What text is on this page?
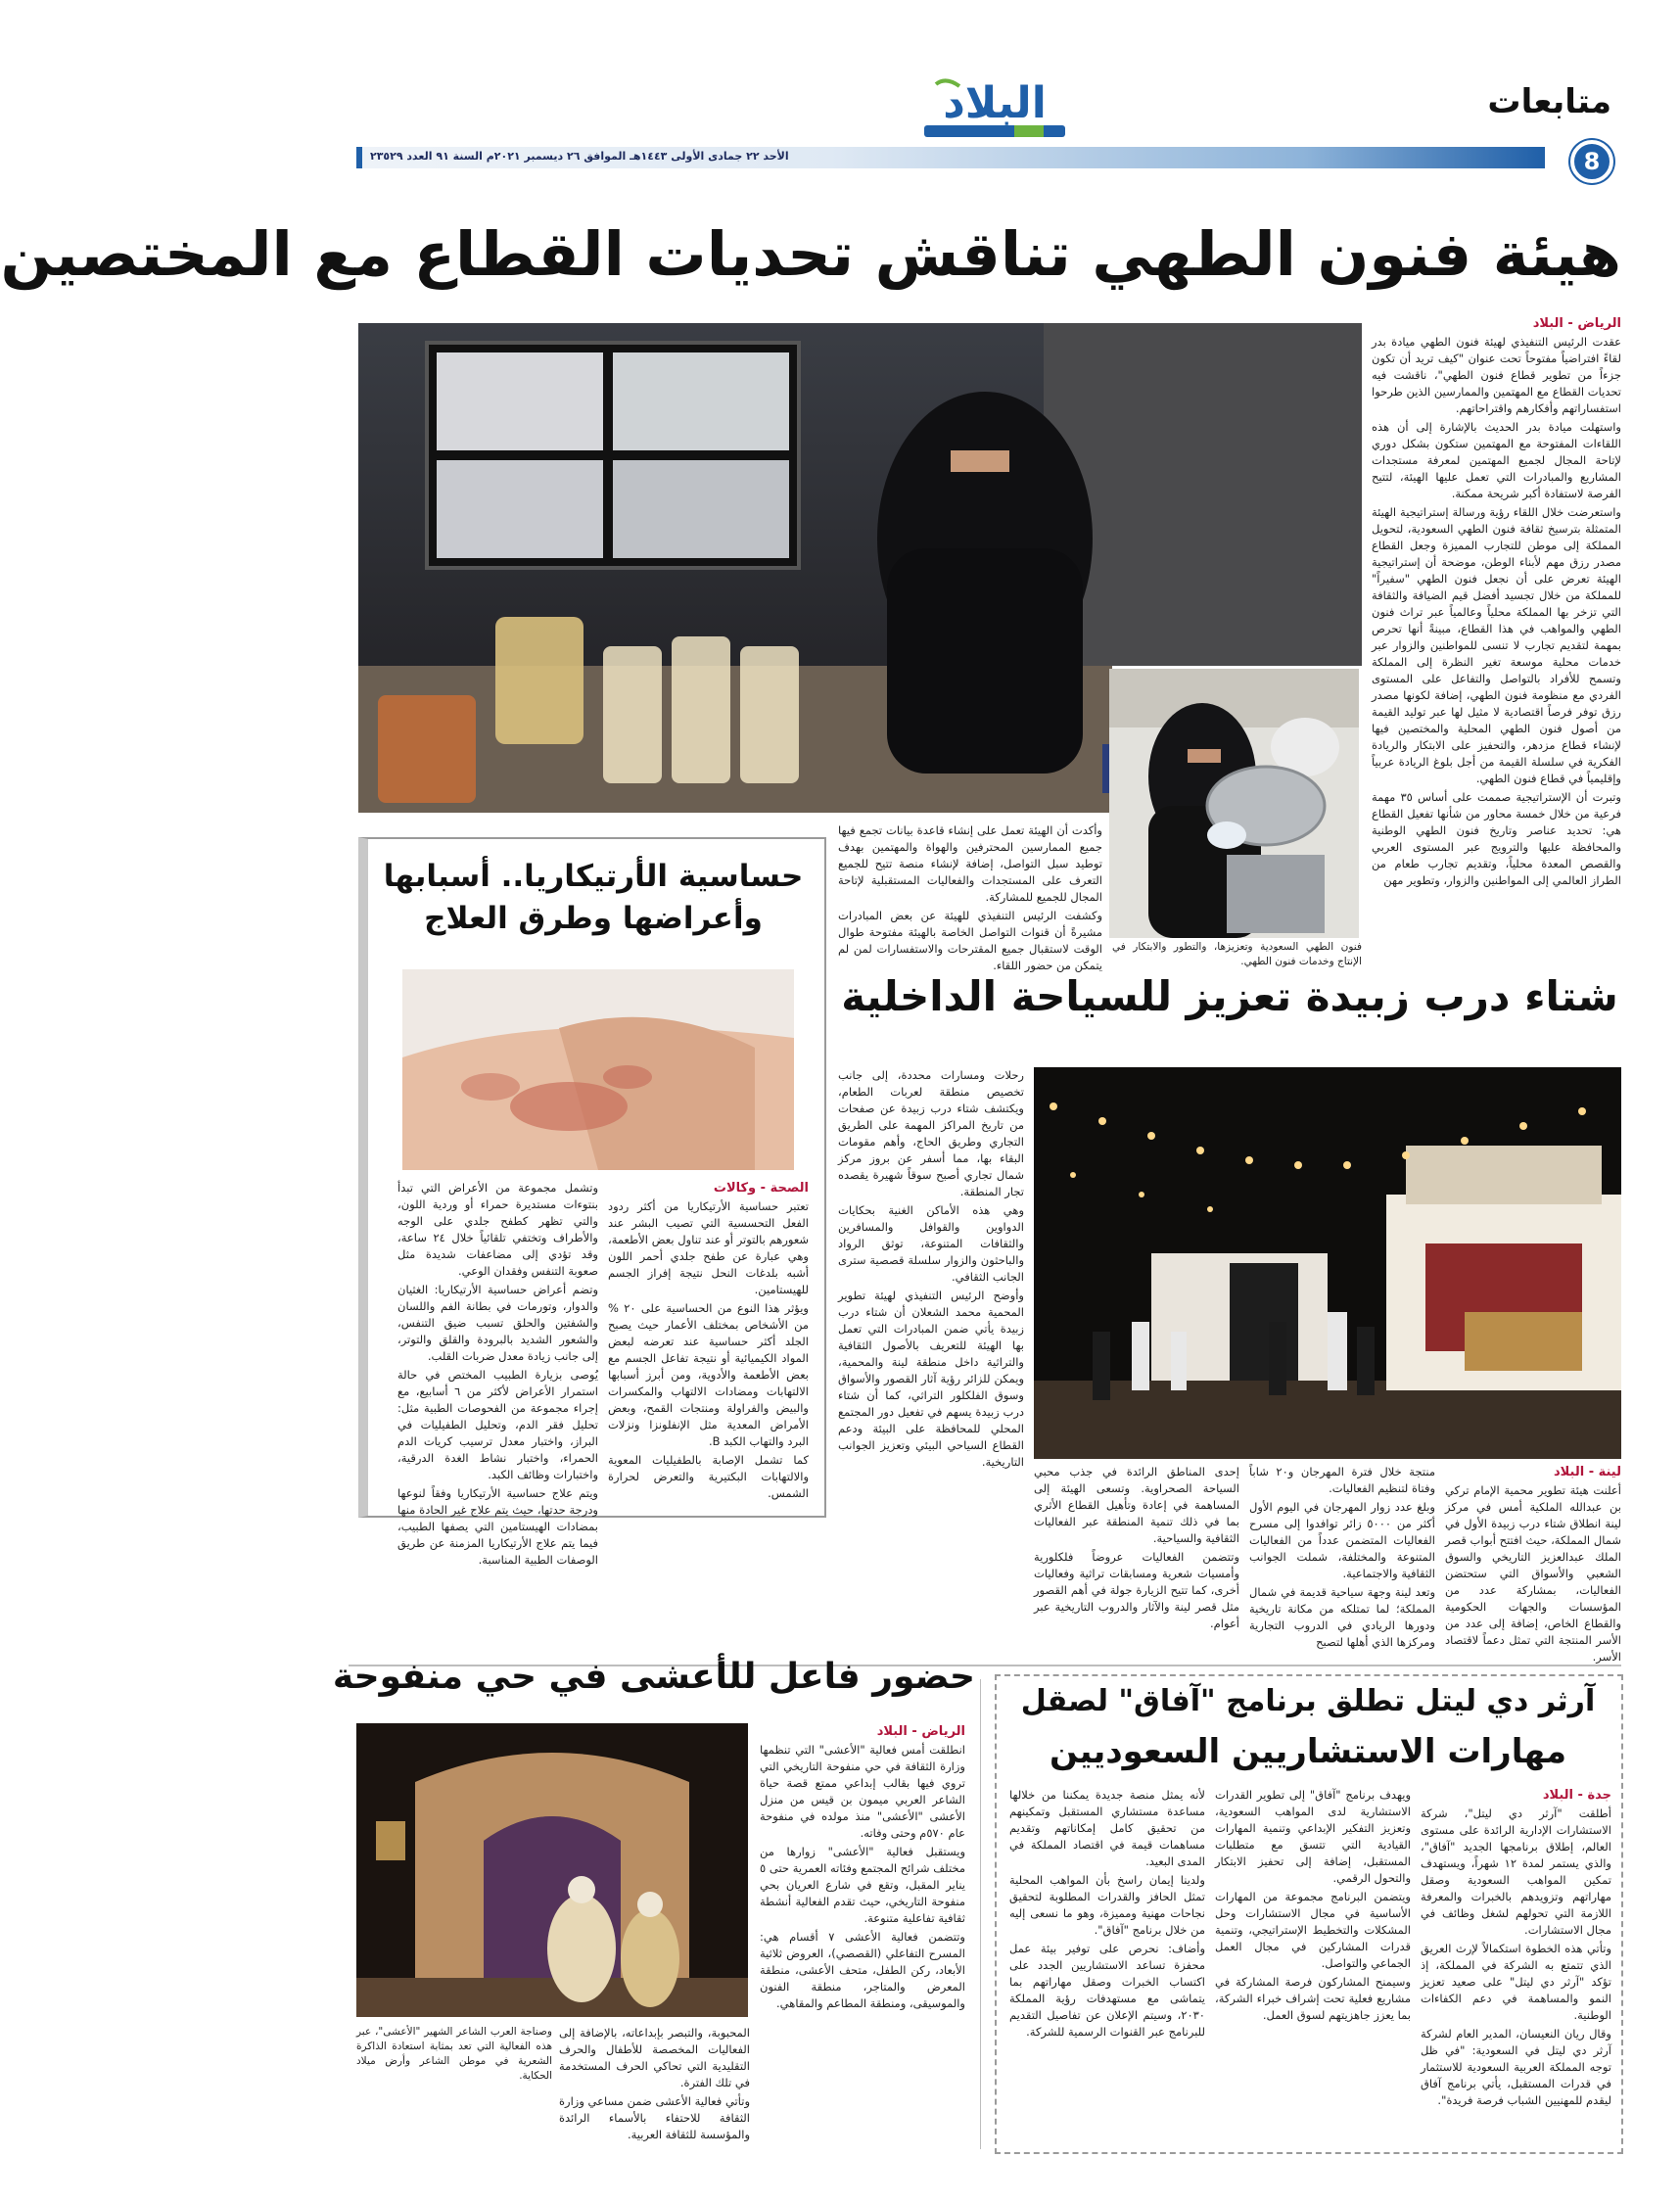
البلاد	متابعات
8
الأحد ٢٢ جمادى الأولى ١٤٤٣هـ الموافق ٢٦ ديسمبر ٢٠٢١م السنة ٩١ العدد ٢٣٥٢٩
هيئة فنون الطهي تناقش تحديات القطاع مع المختصين

الرياض - البلاد

عقدت الرئيس التنفيذي لهيئة فنون الطهي ميادة بدر لقاءً افتراضياً مفتوحاً تحت عنوان "كيف تريد أن تكون جزءاً من تطوير قطاع فنون الطهي"، ناقشت فيه تحديات القطاع مع المهتمين والممارسين الذين طرحوا استفساراتهم وأفكارهم واقتراحاتهم.

واستهلت ميادة بدر الحديث بالإشارة إلى أن هذه اللقاءات المفتوحة مع المهتمين ستكون بشكل دوري لإتاحة المجال لجميع المهتمين لمعرفة مستجدات المشاريع والمبادرات التي تعمل عليها الهيئة، لتتيح الفرصة لاستفادة أكبر شريحة ممكنة.

واستعرضت خلال اللقاء رؤية ورسالة إستراتيجية الهيئة المتمثلة بترسيخ ثقافة فنون الطهي السعودية، لتحويل المملكة إلى موطن للتجارب المميزة وجعل القطاع مصدر رزق مهم لأبناء الوطن، موضحة أن إستراتيجية الهيئة تعرض على أن نجعل فنون الطهي "سفيراً" للمملكة من خلال تجسيد أفضل قيم الضيافة والثقافة التي تزخر بها المملكة محلياً وعالمياً عبر تراث فنون الطهي والمواهب في هذا القطاع، مبينةً أنها تحرص بمهمة لتقديم تجارب لا تنسى للمواطنين والزوار عبر خدمات محلية موسعة تغير النظرة إلى المملكة وتسمح للأفراد بالتواصل والتفاعل على المستوى الفردي مع منظومة فنون الطهي، إضافة لكونها مصدر رزق توفر فرصاً اقتصادية لا مثيل لها عبر توليد القيمة من أصول فنون الطهي المحلية والمختصين فيها لإنشاء قطاع مزدهر، والتحفيز على الابتكار والريادة الفكرية في سلسلة القيمة من أجل بلوغ الريادة عربياً وإقليمياً في قطاع فنون الطهي.

وتبرت أن الإستراتيجية صممت على أساس ٣٥ مهمة فرعية من خلال خمسة محاور من شأنها تفعيل القطاع هي: تحديد عناصر وتاريخ فنون الطهي الوطنية والمحافظة عليها والترويج عبر المستوى العربي والقصص المعدة محلياً، وتقديم تجارب طعام من الطراز العالمي إلى المواطنين والزوار، وتطوير مهن

فنون الطهي السعودية وتعزيزها، والتطور والابتكار في الإنتاج وخدمات فنون الطهي.

وأكدت أن الهيئة تعمل على إنشاء قاعدة بيانات تجمع فيها جميع الممارسين المحترفين والهواة والمهتمين بهدف توطيد سبل التواصل، إضافة لإنشاء منصة تتيح للجميع التعرف على المستجدات والفعاليات المستقبلية لإتاحة المجال للجميع للمشاركة.

وكشفت الرئيس التنفيذي للهيئة عن بعض المبادرات مشيرةً أن قنوات التواصل الخاصة بالهيئة مفتوحة طوال الوقت لاستقبال جميع المقترحات والاستفسارات لمن لم يتمكن من حضور اللقاء.

حساسية الأرتيكاريا.. أسبابها
وأعراضها وطرق العلاج

الصحة - وكالات

تعتبر حساسية الأرتيكاريا من أكثر ردود الفعل التحسسية التي تصيب البشر عند شعورهم بالتوتر أو عند تناول بعض الأطعمة، وهي عبارة عن طفح جلدي أحمر اللون أشبه بلدغات النحل نتيجة إفراز الجسم للهيستامين.

ويؤثر هذا النوع من الحساسية على ٢٠ % من الأشخاص بمختلف الأعمار حيث يصبح الجلد أكثر حساسية عند تعرضه لبعض المواد الكيميائية أو نتيجة تفاعل الجسم مع بعض الأطعمة والأدوية، ومن أبرز أسبابها الالتهابات ومضادات الالتهاب والمكسرات والبيض والفراولة ومنتجات القمح، وبعض الأمراض المعدية مثل الإنفلونزا ونزلات البرد والتهاب الكبد B.

كما تشمل الإصابة بالطفيليات المعوية والالتهابات البكتيرية والتعرض لحرارة الشمس.

وتشمل مجموعة من الأعراض التي تبدأ بنتوءات مستديرة حمراء أو وردية اللون، والتي تظهر كطفح جلدي على الوجه والأطراف وتختفي تلقائياً خلال ٢٤ ساعة، وقد تؤدي إلى مضاعفات شديدة مثل صعوبة التنفس وفقدان الوعي.

وتضم أعراض حساسية الأرتيكاريا: الغثيان والدوار، وتورمات في بطانة الفم واللسان والشفتين والحلق تسبب ضيق التنفس، والشعور الشديد بالبرودة والقلق والتوتر، إلى جانب زيادة معدل ضربات القلب.

يُوصى بزيارة الطبيب المختص في حالة استمرار الأعراض لأكثر من ٦ أسابيع، مع إجراء مجموعة من الفحوصات الطبية مثل: تحليل فقر الدم، وتحليل الطفيليات في البراز، واختبار معدل ترسيب كريات الدم الحمراء، واختبار نشاط الغدة الدرقية، واختبارات وظائف الكبد.

ويتم علاج حساسية الأرتيكاريا وفقاً لنوعها ودرجة حدتها، حيث يتم علاج غير الحادة منها بمضادات الهيستامين التي يصفها الطبيب، فيما يتم علاج الأرتيكاريا المزمنة عن طريق الوصفات الطبية المناسبة.

شتاء درب زبيدة تعزيز للسياحة الداخلية

لينة - البلاد

أعلنت هيئة تطوير محمية الإمام تركي بن عبدالله الملكية أمس في مركز لينة انطلاق شتاء درب زبيدة الأول في شمال المملكة، حيث افتتح أبواب قصر الملك عبدالعزيز التاريخي والسوق الشعبي والأسواق التي ستحتضن الفعاليات، بمشاركة عدد من المؤسسات والجهات الحكومية والقطاع الخاص، إضافة إلى عدد من الأسر المنتجة التي تمثل دعماً لاقتصاد الأسر.

منتجة خلال فترة المهرجان و٢٠ شاباً وفتاة لتنظيم الفعاليات.

وبلغ عدد زوار المهرجان في اليوم الأول أكثر من ٥٠٠٠ زائر توافدوا إلى مسرح الفعاليات المتضمن عدداً من الفعاليات المتنوعة والمختلفة، شملت الجوانب الثقافية والاجتماعية.

وتعد لينة وجهة سياحية قديمة في شمال المملكة؛ لما تمتلكه من مكانة تاريخية ودورها الريادي في الدروب التجارية ومركزها الذي أهلها لتصبح

إحدى المناطق الرائدة في جذب محبي السياحة الصحراوية. وتسعى الهيئة إلى المساهمة في إعادة وتأهيل القطاع الأثري بما في ذلك تنمية المنطقة عبر الفعاليات الثقافية والسياحية.

وتتضمن الفعاليات عروضاً فلكلورية وأمسيات شعرية ومسابقات تراثية وفعاليات أخرى، كما تتيح الزيارة جولة في أهم القصور مثل قصر لينة والآثار والدروب التاريخية عبر أعوام.

رحلات ومسارات محددة، إلى جانب تخصيص منطقة لعربات الطعام، ويكتشف شتاء درب زبيدة عن صفحات من تاريخ المراكز المهمة على الطريق التجاري وطريق الحاج، وأهم مقومات البقاء بها، مما أسفر عن بروز مركز شمال تجاري أصبح سوقاً شهيرة يقصده تجار المنطقة.

وهي هذه الأماكن الغنية بحكايات الدواوين والقوافل والمسافرين والثقافات المتنوعة، توثق الرواد والباحثون والزوار سلسلة قصصية سترى الجانب الثقافي.

وأوضح الرئيس التنفيذي لهيئة تطوير المحمية محمد الشعلان أن شتاء درب زبيدة يأتي ضمن المبادرات التي تعمل بها الهيئة للتعريف بالأصول الثقافية والتراثية داخل منطقة لينة والمحمية، ويمكن للزائر رؤية آثار القصور والأسواق وسوق الفلكلور التراثي، كما أن شتاء درب زبيدة يسهم في تفعيل دور المجتمع المحلي للمحافظة على البيئة ودعم القطاع السياحي البيئي وتعزيز الجوانب التاريخية.

حضور فاعل للأعشى في حي منفوحة
وصناجة العرب الشاعر الشهير "الأعشى"، عبر هذه الفعالية التي تعد بمثابة استعادة الذاكرة الشعرية في موطن الشاعر وأرض ميلاد الحكاية.

الرياض - البلاد

انطلقت أمس فعالية "الأعشى" التي تنظمها وزارة الثقافة في حي منفوحة التاريخي التي تروي فيها بقالب إبداعي ممتع قصة حياة الشاعر العربي ميمون بن قيس من منزل الأعشى "الأعشى" منذ مولده في منفوحة عام ٥٧٠م وحتى وفاته.

ويستقبل فعالية "الأعشى" زوارها من مختلف شرائح المجتمع وفئاته العمرية حتى ٥ يناير المقبل، وتقع في شارع العريان بحي منفوحة التاريخي، حيث تقدم الفعالية أنشطة ثقافية تفاعلية متنوعة.

وتتضمن فعالية الأعشى ٧ أقسام هي: المسرح التفاعلي (القصصي)، العروض ثلاثية الأبعاد، ركن الطفل، متحف الأعشى، منطقة المعرض والمتاجر، منطقة الفنون والموسيقى، ومنطقة المطاعم والمقاهي.

المحبوبة، والتبصر بإبداعاته، بالإضافة إلى الفعاليات المخصصة للأطفال والحرف التقليدية التي تحاكي الحرف المستخدمة في تلك الفترة.

وتأتي فعالية الأعشى ضمن مساعي وزارة الثقافة للاحتفاء بالأسماء الرائدة والمؤسسة للثقافة العربية.

آرثر دي ليتل تطلق برنامج "آفاق" لصقل
مهارات الاستشاريين السعوديين

جدة - البلاد

أطلقت "آرثر دي ليتل"، شركة الاستشارات الإدارية الرائدة على مستوى العالم، إطلاق برنامجها الجديد "آفاق"، والذي يستمر لمدة ١٢ شهراً، ويستهدف تمكين المواهب السعودية وصقل مهاراتهم وتزويدهم بالخبرات والمعرفة اللازمة التي تحولهم لشغل وظائف في مجال الاستشارات.

وتأتي هذه الخطوة استكمالاً لإرث العريق الذي تتمتع به الشركة في المملكة، إذ تؤكد "آرثر دي ليتل" على صعيد تعزيز النمو والمساهمة في دعم الكفاءات الوطنية.

وقال ريان النعيسان، المدير العام لشركة آرثر دي ليتل في السعودية: "في ظل توجه المملكة العربية السعودية للاستثمار في قدرات المستقبل، يأتي برنامج آفاق ليقدم للمهنيين الشباب فرصة فريدة".

ويهدف برنامج "آفاق" إلى تطوير القدرات الاستشارية لدى المواهب السعودية، وتعزيز التفكير الإبداعي وتنمية المهارات القيادية التي تتسق مع متطلبات المستقبل، إضافة إلى تحفيز الابتكار والتحول الرقمي.

ويتضمن البرنامج مجموعة من المهارات الأساسية في مجال الاستشارات وحل المشكلات والتخطيط الإستراتيجي، وتنمية قدرات المشاركين في مجال العمل الجماعي والتواصل.

وسيمنح المشاركون فرصة المشاركة في مشاريع فعلية تحت إشراف خبراء الشركة، بما يعزز جاهزيتهم لسوق العمل.

لأنه يمثل منصة جديدة يمكننا من خلالها مساعدة مستشاري المستقبل وتمكينهم من تحقيق كامل إمكاناتهم وتقديم مساهمات قيمة في اقتصاد المملكة في المدى البعيد.

ولدينا إيمان راسخ بأن المواهب المحلية تمثل الحافز والقدرات المطلوبة لتحقيق نجاحات مهنية ومميزة، وهو ما نسعى إليه من خلال برنامج "آفاق".

وأضاف: نحرص على توفير بيئة عمل محفزة تساعد الاستشاريين الجدد على اكتساب الخبرات وصقل مهاراتهم بما يتماشى مع مستهدفات رؤية المملكة ٢٠٣٠، وسيتم الإعلان عن تفاصيل التقديم للبرنامج عبر القنوات الرسمية للشركة.
